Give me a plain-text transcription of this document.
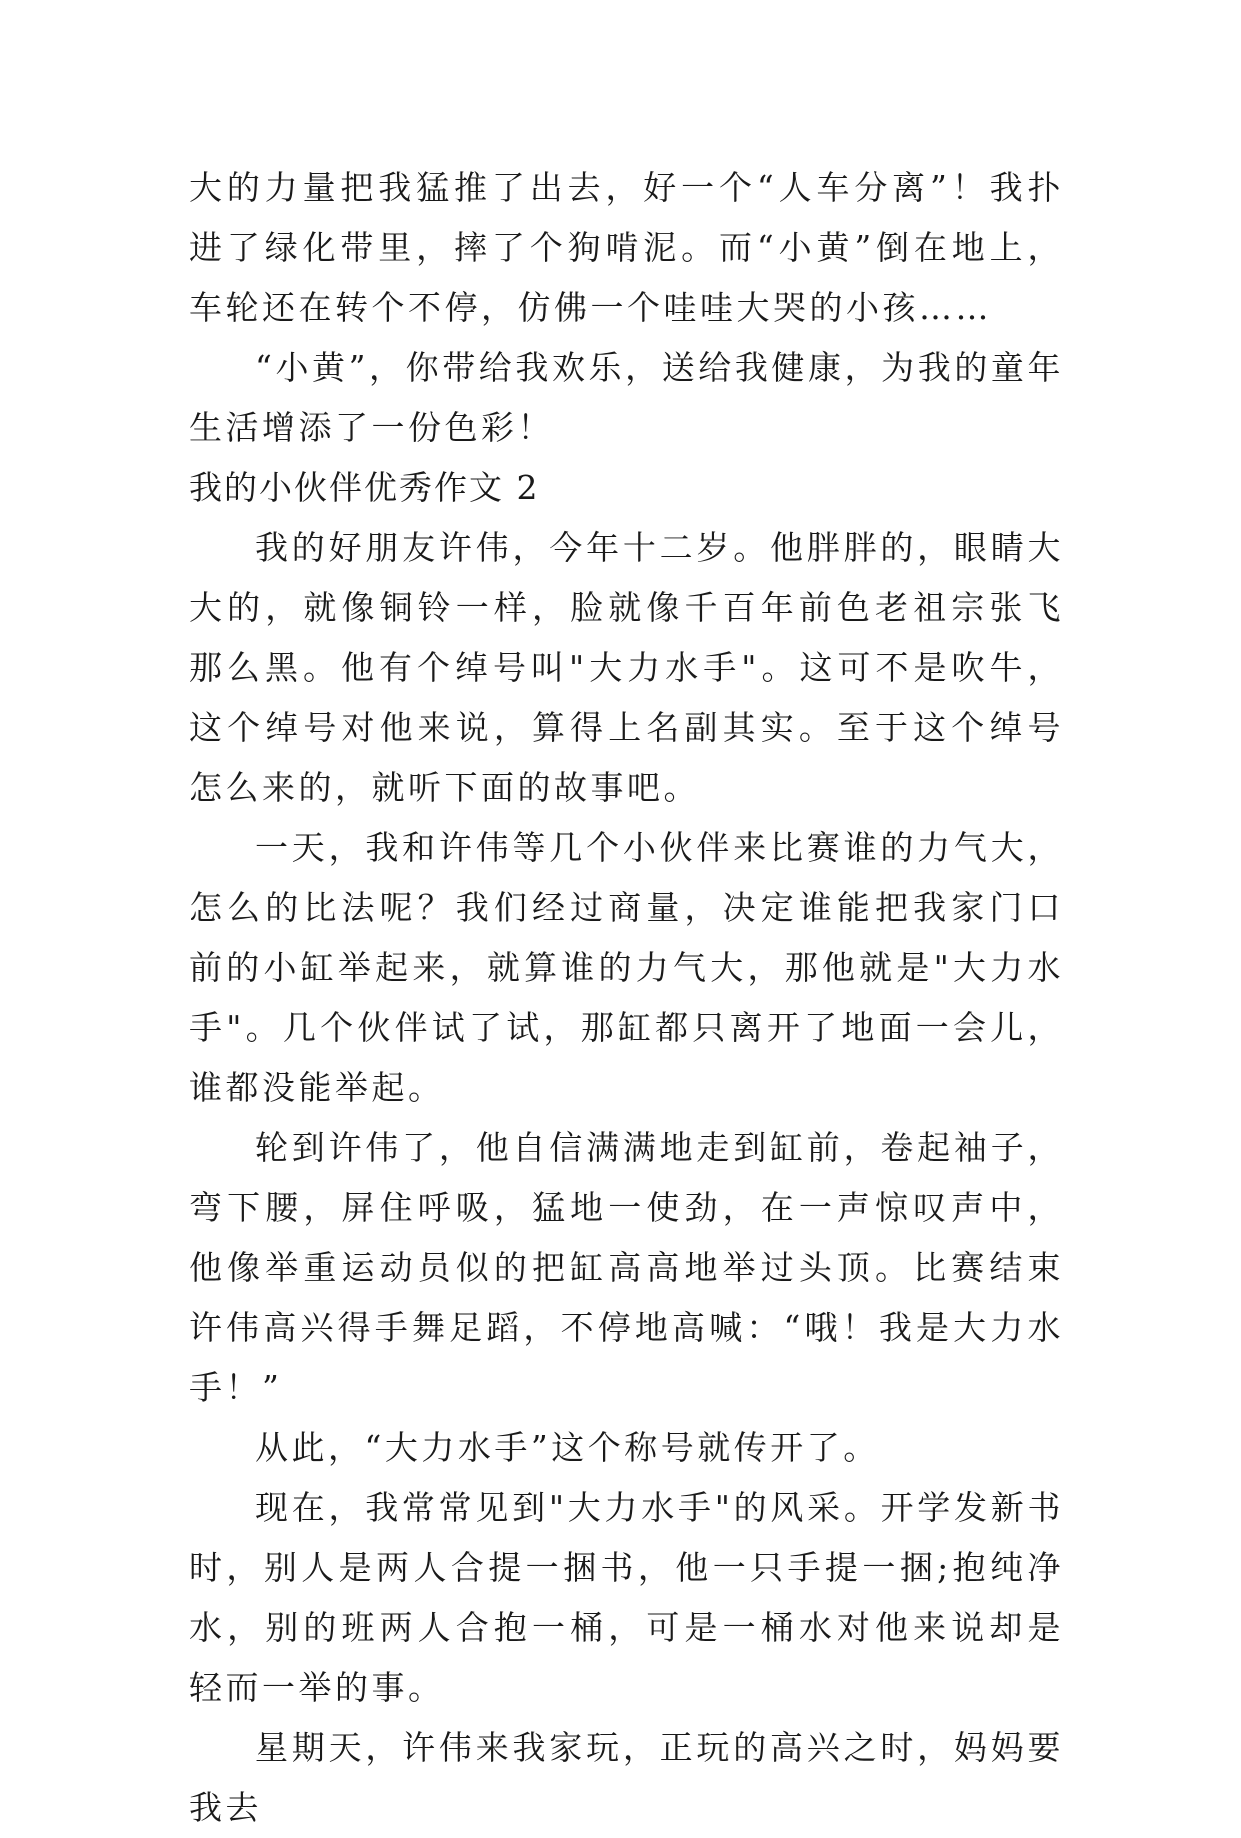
大的力量把我猛推了出去，好一个“人车分离”！我扑进了绿化带里，摔了个狗啃泥。而“小黄”倒在地上，车轮还在转个不停，仿佛一个哇哇大哭的小孩……

“小黄”，你带给我欢乐，送给我健康，为我的童年生活增添了一份色彩！

我的小伙伴优秀作文 2

我的好朋友许伟，今年十二岁。他胖胖的，眼睛大大的，就像铜铃一样，脸就像千百年前色老祖宗张飞那么黑。他有个绰号叫"大力水手"。这可不是吹牛，这个绰号对他来说，算得上名副其实。至于这个绰号怎么来的，就听下面的故事吧。

一天，我和许伟等几个小伙伴来比赛谁的力气大，怎么的比法呢？我们经过商量，决定谁能把我家门口前的小缸举起来，就算谁的力气大，那他就是"大力水手"。几个伙伴试了试，那缸都只离开了地面一会儿，谁都没能举起。

轮到许伟了，他自信满满地走到缸前，卷起袖子，弯下腰，屏住呼吸，猛地一使劲，在一声惊叹声中，他像举重运动员似的把缸高高地举过头顶。比赛结束许伟高兴得手舞足蹈，不停地高喊：“哦！我是大力水手！”

从此，“大力水手”这个称号就传开了。

现在，我常常见到"大力水手"的风采。开学发新书时，别人是两人合提一捆书，他一只手提一捆;抱纯净水，别的班两人合抱一桶，可是一桶水对他来说却是轻而一举的事。

星期天，许伟来我家玩，正玩的高兴之时，妈妈要我去
